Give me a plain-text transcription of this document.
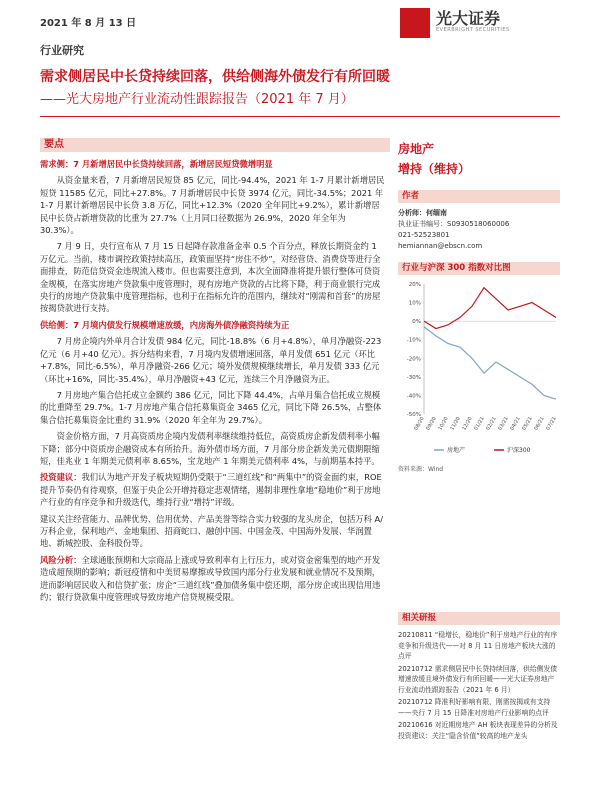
2021 年 8 月 13 日	光大证券
EVERBRIGHT SECURITIES
行业研究
需求侧居民中长贷持续回落，供给侧海外债发行有所回暖
——光大房地产行业流动性跟踪报告（2021 年 7 月）
要点

需求侧：7 月新增居民中长贷持续回落，新增居民短贷微增明显

从资金量来看，7 月新增居民短贷 85 亿元，同比-94.4%，2021 年 1-7 月累计新增居民短贷 11585 亿元，同比+27.8%。7 月新增居民中长贷 3974 亿元，同比-34.5%；2021 年 1-7 月累计新增居民中长贷 3.8 万亿，同比+12.3%（2020 全年同比+9.2%），累计新增居民中长贷占新增贷款的比重为 27.7%（上月同口径数据为 26.9%，2020 年全年为 30.3%）。

7 月 9 日，央行宣布从 7 月 15 日起降存款准备金率 0.5 个百分点，释放长期资金约 1 万亿元。当前，楼市调控政策持续高压，政策面坚持“房住不炒”，对经营贷、消费贷等进行全面排查，防范信贷资金违规流入楼市。但也需要注意到，本次全面降准将提升银行整体可贷资金规模，在落实房地产贷款集中度管理时，现有房地产贷款的占比将下降，利于商业银行完成央行的房地产贷款集中度管理指标，也利于在指标允许的范围内，继续对“刚需和首套”的房屋按揭贷款进行支持。

供给侧：7 月境内债发行规模增速放缓，内房海外债净融资持续为正

7 月房企境内外单月合计发债 984 亿元，同比-18.8%（6 月+4.8%），单月净融资-223 亿元（6 月+40 亿元）。拆分结构来看，7 月境内发债增速回落，单月发债 651 亿元（环比+7.8%，同比-6.5%），单月净融资-266 亿元；境外发债规模继续增长，单月发债 333 亿元（环比+16%，同比-35.4%），单月净融资+43 亿元，连续三个月净融资为正。

7 月房地产集合信托成立金额约 386 亿元，同比下降 44.4%，占单月集合信托成立规模的比重降至 29.7%。1-7 月房地产集合信托募集资金 3465 亿元，同比下降 26.5%，占整体集合信托募集资金比重约 31.9%（2020 年全年为 29.7%）。

资金价格方面，7 月高资质房企境内发债利率继续维持低位，高资质房企新发债利率小幅下降；部分中资质房企融资成本有所抬升。海外债市场方面，7 月部分房企新发美元债期限缩短，佳兆业 1 年期美元债利率 8.65%，宝龙地产 1 年期美元债利率 4%，与前期基本持平。

投资建议：我们认为地产开发子板块短期仍受限于“三道红线”和“两集中”的资金面约束，ROE 提升节奏仍有待观察，但鉴于央企公开增持稳定悲观情绪，遏制非理性拿地“稳地价”利于房地产行业的有序竞争和升级迭代，维持行业“增持”评级。

建议关注经营能力、品牌优势、信用优势、产品美誉等综合实力较强的龙头房企，包括万科 A/万科企业，保利地产、金地集团、招商蛇口、融创中国、中国金茂、中国海外发展、华润置地、新城控股、金科股份等。

风险分析：全球通胀预期和大宗商品上涨或导致利率有上行压力，或对资金密集型的地产开发造成超预期的影响；新冠疫情和中美贸易摩擦或导致国内部分行业发展和就业情况不及预期，进而影响居民收入和信贷扩张；房企“三道红线”叠加债务集中偿还期，部分房企或出现信用违约；银行贷款集中度管理或导致房地产信贷规模受限。

房地产
增持（维持）
作者
分析师：何缅南
执业证书编号：S0930518060006
021-52523801
hemiannan@ebscn.com
行业与沪深 300 指数对比图
20%
10%
0%
-10%
-20%
-30%
-40%
-50%
08/20 09/20 10/20 11/20 12/20 01/21 02/21 03/21 04/21 05/21 06/21 07/21
房地产	沪深300
资料来源：Wind
相关研报
20210811 “稳增长，稳地价”利于房地产行业的有序竞争和升级迭代——对 8 月 11 日房地产板块大涨的点评
20210712 需求侧居民中长贷持续回落，供给侧发债增速放缓且境外债发行有所回暖——光大证券房地产行业流动性跟踪报告（2021 年 6 月）
20210712 降准利好影响有限，刚需按揭或有支持——央行 7 月 15 日降准对房地产行业影响的点评
20210616 对近期房地产 AH 板块表现差异的分析及投资建议：关注“隐含价值”较高的地产龙头
